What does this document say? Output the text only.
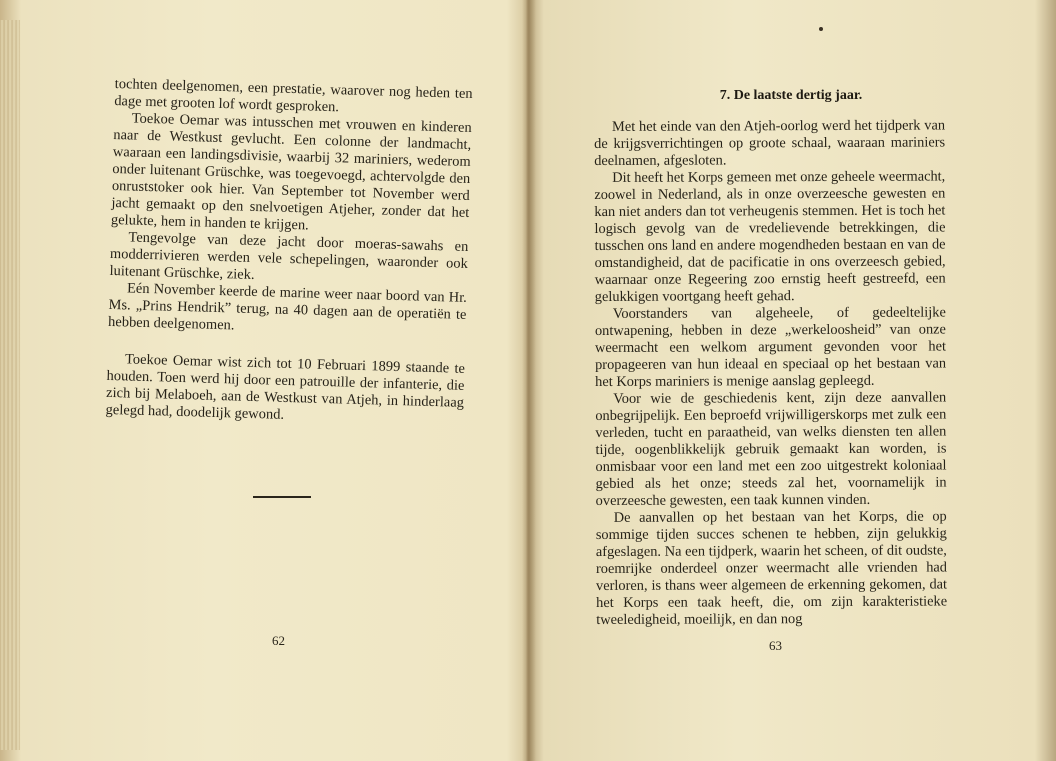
tochten deelgenomen, een prestatie, waarover nog heden ten dage met grooten lof wordt gesproken.

Toekoe Oemar was intusschen met vrouwen en kinderen naar de Westkust gevlucht. Een colonne der landmacht, waaraan een landingsdivisie, waarbij 32 mariniers, wederom onder luitenant Grüschke, was toegevoegd, achtervolgde den onruststoker ook hier. Van September tot November werd jacht gemaakt op den snelvoetigen Atjeher, zonder dat het gelukte, hem in handen te krijgen.

Tengevolge van deze jacht door moeras-sawahs en modderrivieren werden vele schepelingen, waaronder ook luitenant Grüschke, ziek.

Eén November keerde de marine weer naar boord van Hr. Ms. „Prins Hendrik” terug, na 40 dagen aan de operatiën te hebben deelgenomen.

Toekoe Oemar wist zich tot 10 Februari 1899 staande te houden. Toen werd hij door een patrouille der infanterie, die zich bij Melaboeh, aan de Westkust van Atjeh, in hinderlaag gelegd had, doodelijk gewond.

62
7. De laatste dertig jaar.

Met het einde van den Atjeh-oorlog werd het tijdperk van de krijgsverrichtingen op groote schaal, waaraan mariniers deelnamen, afgesloten.

Dit heeft het Korps gemeen met onze geheele weermacht, zoowel in Nederland, als in onze overzeesche gewesten en kan niet anders dan tot verheugenis stemmen. Het is toch het logisch gevolg van de vredelievende betrekkingen, die tusschen ons land en andere mogendheden bestaan en van de omstandigheid, dat de pacificatie in ons overzeesch gebied, waarnaar onze Regeering zoo ernstig heeft gestreefd, een gelukkigen voortgang heeft gehad.

Voorstanders van algeheele, of gedeeltelijke ontwapening, hebben in deze „werkeloosheid” van onze weermacht een welkom argument gevonden voor het propageeren van hun ideaal en speciaal op het bestaan van het Korps mariniers is menige aanslag gepleegd.

Voor wie de geschiedenis kent, zijn deze aanvallen onbegrijpelijk. Een beproefd vrijwilligerskorps met zulk een verleden, tucht en paraatheid, van welks diensten ten allen tijde, oogenblikkelijk gebruik gemaakt kan worden, is onmisbaar voor een land met een zoo uitgestrekt koloniaal gebied als het onze; steeds zal het, voornamelijk in overzeesche gewesten, een taak kunnen vinden.

De aanvallen op het bestaan van het Korps, die op sommige tijden succes schenen te hebben, zijn gelukkig afgeslagen. Na een tijdperk, waarin het scheen, of dit oudste, roemrijke onderdeel onzer weermacht alle vrienden had verloren, is thans weer algemeen de erkenning gekomen, dat het Korps een taak heeft, die, om zijn karakteristieke tweeledigheid, moeilijk, en dan nog

63
